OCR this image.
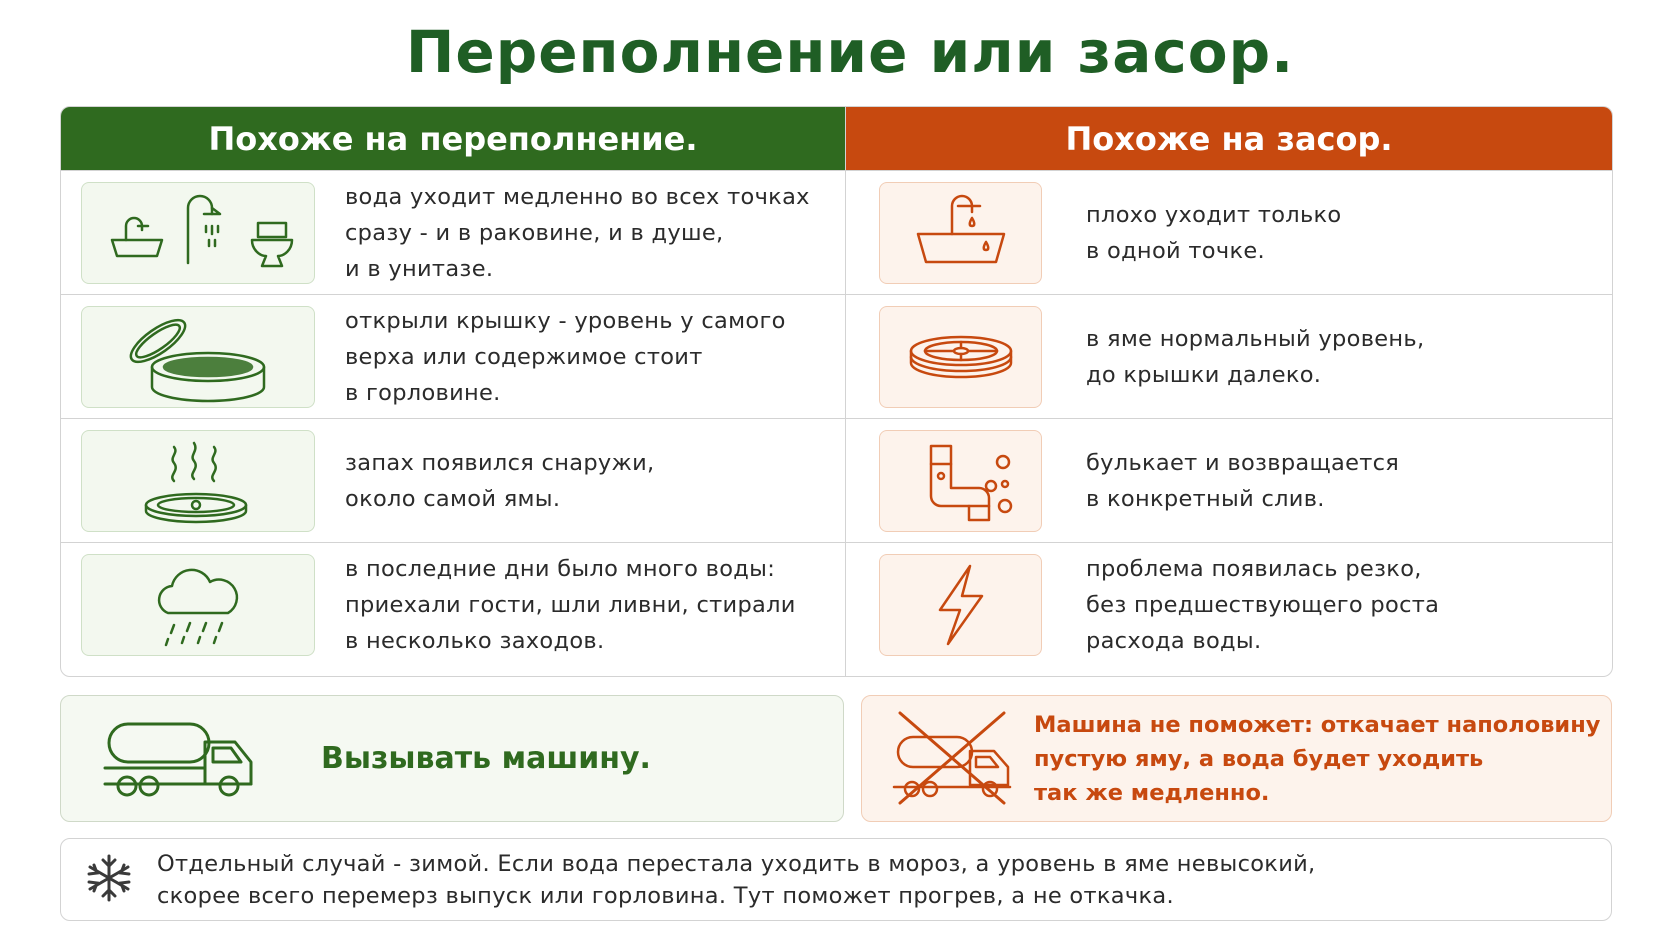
Переполнение или засор.
Похоже на переполнение.
вода уходит медленно во всех точках
сразу - и в раковине, и в душе,
и в унитазе.
открыли крышку - уровень у самого
верха или содержимое стоит
в горловине.
запах появился снаружи,
около самой ямы.
в последние дни было много воды:
приехали гости, шли ливни, стирали
в несколько заходов.
Похоже на засор.
плохо уходит только
в одной точке.
в яме нормальный уровень,
до крышки далеко.
булькает и возвращается
в конкретный слив.
проблема появилась резко,
без предшествующего роста
расхода воды.
Вызывать машину.
Машина не поможет: откачает наполовину
пустую яму, а вода будет уходить
так же медленно.
Отдельный случай - зимой. Если вода перестала уходить в мороз, а уровень в яме невысокий,
скорее всего перемерз выпуск или горловина. Тут поможет прогрев, а не откачка.
